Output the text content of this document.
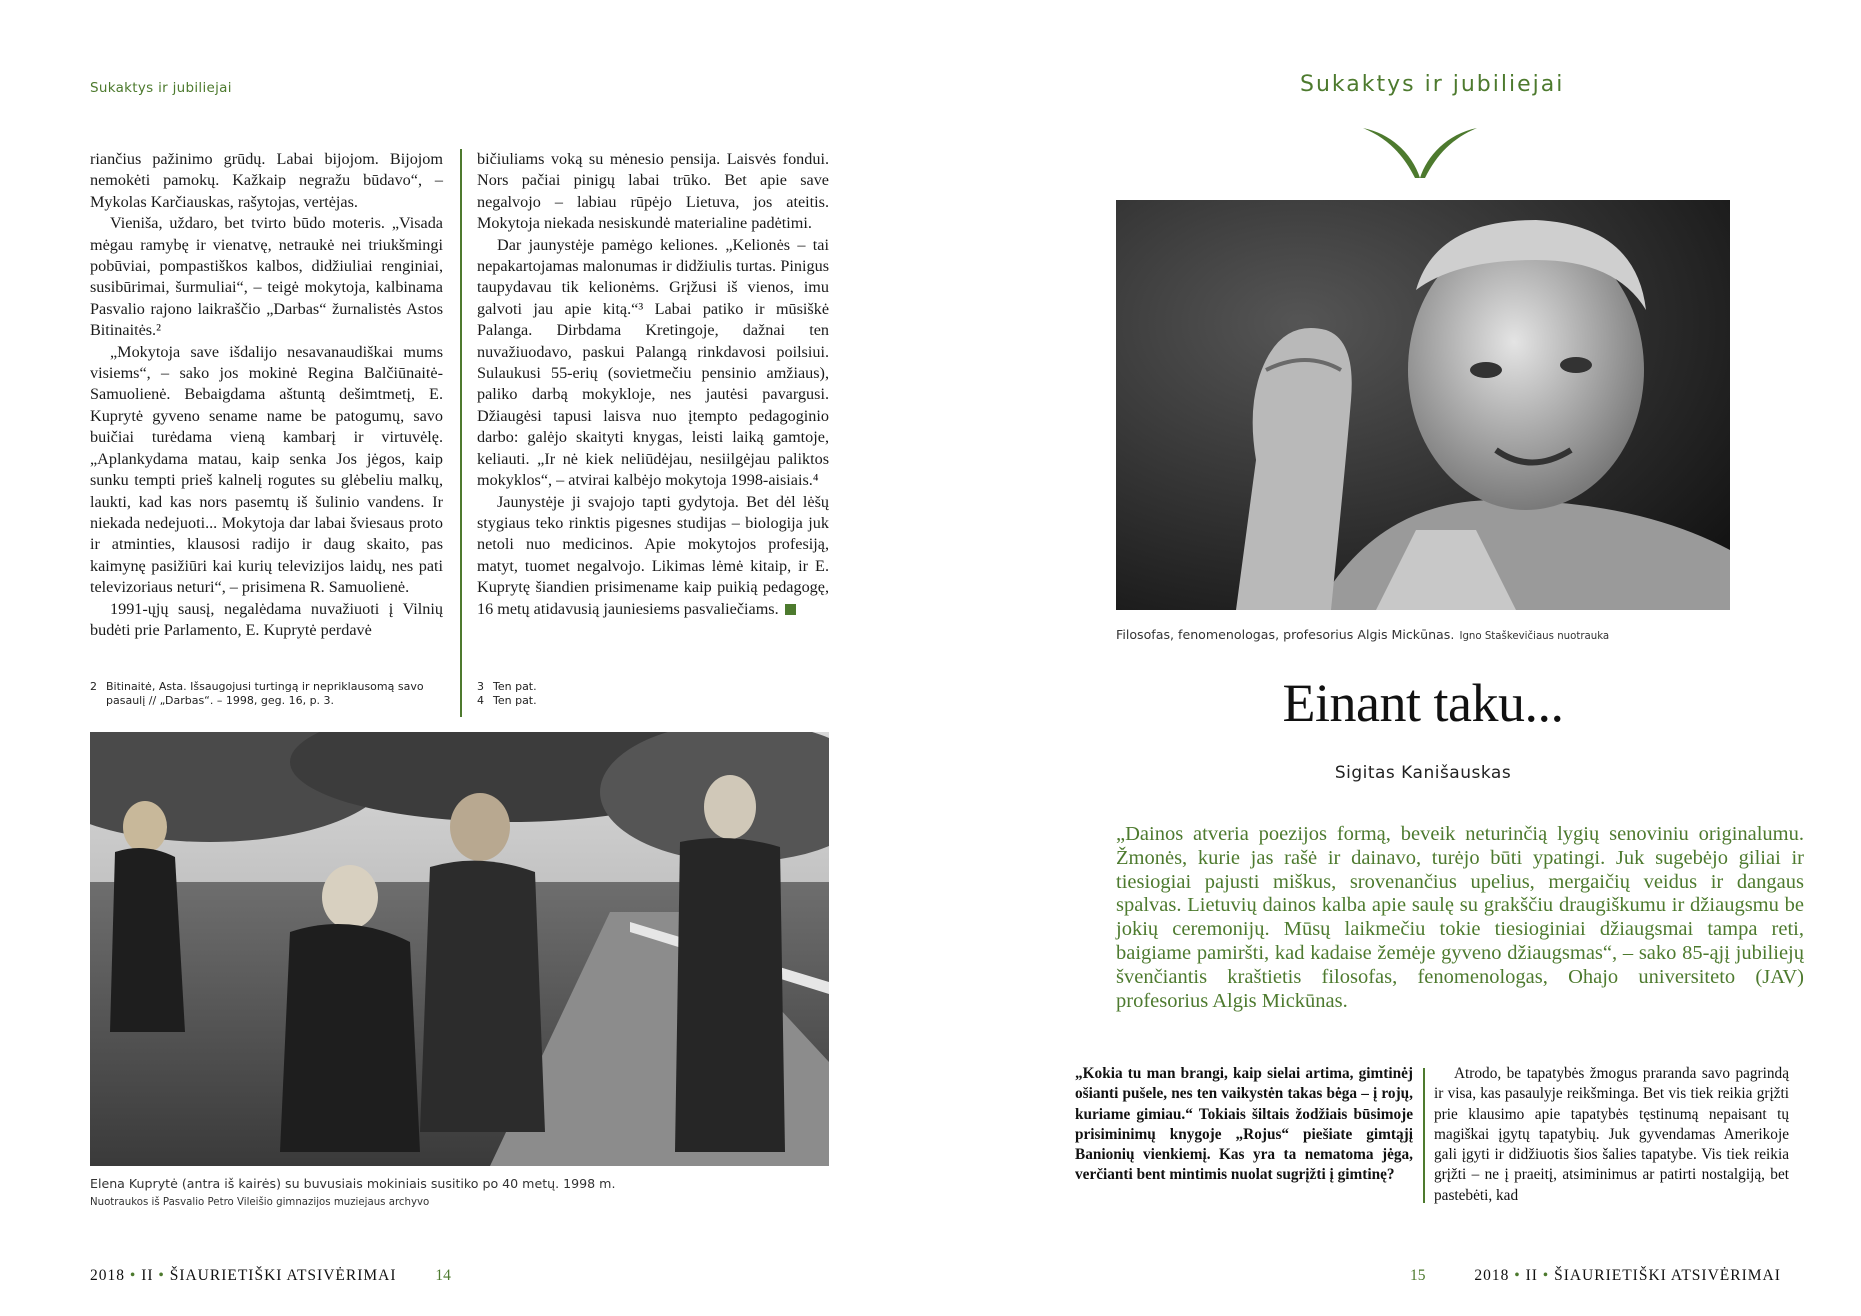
Sukaktys ir jubiliejai

riančius pažinimo grūdų. Labai bijojom. Bijojom nemokėti pamokų. Kažkaip negražu būdavo“, – Mykolas Karčiauskas, rašytojas, vertėjas.

Vieniša, uždaro, bet tvirto būdo moteris. „Visada mėgau ramybę ir vienatvę, netraukė nei triukšmingi pobūviai, pompastiškos kalbos, didžiuliai renginiai, susibūrimai, šurmuliai“, – teigė mokytoja, kalbinama Pasvalio rajono laikraščio „Darbas“ žurnalistės Astos Bitinaitės.²

„Mokytoja save išdalijo nesavanaudiškai mums visiems“, – sako jos mokinė Regina Balčiūnaitė-Samuolienė. Bebaigdama aštuntą dešimtmetį, E. Kuprytė gyveno sename name be patogumų, savo buičiai turėdama vieną kambarį ir virtuvėlę. „Aplankydama matau, kaip senka Jos jėgos, kaip sunku tempti prieš kalnelį rogutes su glėbeliu malkų, laukti, kad kas nors pasemtų iš šulinio vandens. Ir niekada nedejuoti... Mokytoja dar labai šviesaus proto ir atminties, klausosi radijo ir daug skaito, pas kaimynę pasižiūri kai kurių televizijos laidų, nes pati televizoriaus neturi“, – prisimena R. Samuolienė.

1991-ųjų sausį, negalėdama nuvažiuoti į Vilnių budėti prie Parlamento, E. Kuprytė perdavė

bičiuliams voką su mėnesio pensija. Laisvės fondui. Nors pačiai pinigų labai trūko. Bet apie save negalvojo – labiau rūpėjo Lietuva, jos ateitis. Mokytoja niekada nesiskundė materialine padėtimi.

Dar jaunystėje pamėgo keliones. „Kelionės – tai nepakartojamas malonumas ir didžiulis turtas. Pinigus taupydavau tik kelionėms. Grįžusi iš vienos, imu galvoti jau apie kitą.“³ Labai patiko ir mūsiškė Palanga. Dirbdama Kretingoje, dažnai ten nuvažiuodavo, paskui Palangą rinkdavosi poilsiui. Sulaukusi 55-erių (sovietmečiu pensinio amžiaus), paliko darbą mokykloje, nes jautėsi pavargusi. Džiaugėsi tapusi laisva nuo įtempto pedagoginio darbo: galėjo skaityti knygas, leisti laiką gamtoje, keliauti. „Ir nė kiek neliūdėjau, nesiilgėjau paliktos mokyklos“, – atvirai kalbėjo mokytoja 1998-aisiais.⁴

Jaunystėje ji svajojo tapti gydytoja. Bet dėl lėšų stygiaus teko rinktis pigesnes studijas – biologija juk netoli nuo medicinos. Apie mokytojos profesiją, matyt, tuomet negalvojo. Likimas lėmė kitaip, ir E. Kuprytę šiandien prisimename kaip puikią pedagogę, 16 metų atidavusią jauniesiems pasvaliečiams.

2 Bitinaitė, Asta. Išsaugojusi turtingą ir nepriklausomą savo pasaulį // „Darbas“. – 1998, geg. 16, p. 3.
3 Ten pat.
4 Ten pat.
Elena Kuprytė (antra iš kairės) su buvusiais mokiniais susitiko po 40 metų. 1998 m.
Nuotraukos iš Pasvalio Petro Vileišio gimnazijos muziejaus archyvo
2018 • II • ŠIAURIETIŠKI ATSIVĖRIMAI	14
Sukaktys ir jubiliejai
Filosofas, fenomenologas, profesorius Algis Mickūnas. Igno Staškevičiaus nuotrauka
Einant taku...
Sigitas Kanišauskas
„Dainos atveria poezijos formą, beveik neturinčią lygių senoviniu originalumu. Žmonės, kurie jas rašė ir dainavo, turėjo būti ypatingi. Juk sugebėjo giliai ir tiesiogiai pajusti miškus, srovenančius upelius, mergaičių veidus ir dangaus spalvas. Lietuvių dainos kalba apie saulę su grakščiu draugiškumu ir džiaugsmu be jokių ceremonijų. Mūsų laikmečiu tokie tiesioginiai džiaugsmai tampa reti, baigiame pamiršti, kad kadaise žemėje gyveno džiaugsmas“, – sako 85-ąjį jubiliejų švenčiantis kraštietis filosofas, fenomenologas, Ohajo universiteto (JAV) profesorius Algis Mickūnas.
„Kokia tu man brangi, kaip sielai artima, gimtinėj ošianti pušele, nes ten vaikystėn takas bėga – į rojų, kuriame gimiau.“ Tokiais šiltais žodžiais būsimoje prisiminimų knygoje „Rojus“ piešiate gimtąjį Banionių vienkiemį. Kas yra ta nematoma jėga, verčianti bent mintimis nuolat sugrįžti į gimtinę?
Atrodo, be tapatybės žmogus praranda savo pagrindą ir visa, kas pasaulyje reikšminga. Bet vis tiek reikia grįžti prie klausimo apie tapatybės tęstinumą nepaisant tų magiškai įgytų tapatybių. Juk gyvendamas Amerikoje gali įgyti ir didžiuotis šios šalies tapatybe. Vis tiek reikia grįžti – ne į praeitį, atsiminimus ar patirti nostalgiją, bet pastebėti, kad
15	2018 • II • ŠIAURIETIŠKI ATSIVĖRIMAI
